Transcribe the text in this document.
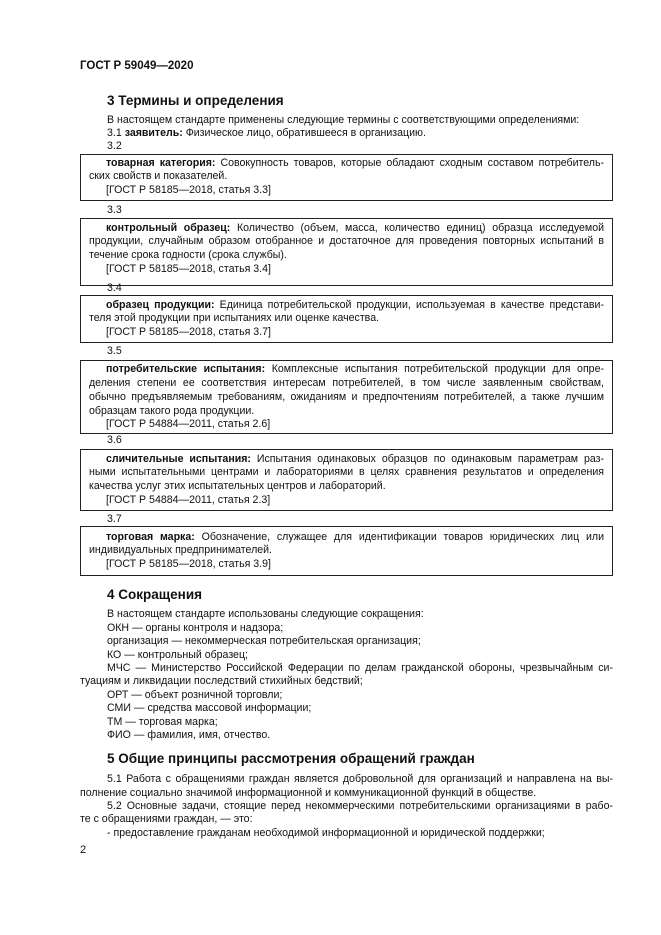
ГОСТ Р 59049—2020
3 Термины и определения
В настоящем стандарте применены следующие термины с соответствующими определениями:
3.1 заявитель: Физическое лицо, обратившееся в организацию.
3.2
товарная категория: Совокупность товаров, которые обладают сходным составом потребитель-
ских свойств и показателей.
[ГОСТ Р 58185—2018, статья 3.3]
3.3
контрольный образец: Количество (объем, масса, количество единиц) образца исследуемой
продукции, случайным образом отобранное и достаточное для проведения повторных испытаний в
течение срока годности (срока службы).
[ГОСТ Р 58185—2018, статья 3.4]
3.4
образец продукции: Единица потребительской продукции, используемая в качестве представи-
теля этой продукции при испытаниях или оценке качества.
[ГОСТ Р 58185—2018, статья 3.7]
3.5
потребительские испытания: Комплексные испытания потребительской продукции для опре-
деления степени ее соответствия интересам потребителей, в том числе заявленным свойствам,
обычно предъявляемым требованиям, ожиданиям и предпочтениям потребителей, а также лучшим
образцам такого рода продукции.
[ГОСТ Р 54884—2011, статья 2.6]
3.6
сличительные испытания: Испытания одинаковых образцов по одинаковым параметрам раз-
ными испытательными центрами и лабораториями в целях сравнения результатов и определения
качества услуг этих испытательных центров и лабораторий.
[ГОСТ Р 54884—2011, статья 2.3]
3.7
торговая марка: Обозначение, служащее для идентификации товаров юридических лиц или
индивидуальных предпринимателей.
[ГОСТ Р 58185—2018, статья 3.9]
4 Сокращения
В настоящем стандарте использованы следующие сокращения:
ОКН — органы контроля и надзора;
организация — некоммерческая потребительская организация;
КО — контрольный образец;
МЧС — Министерство Российской Федерации по делам гражданской обороны, чрезвычайным си-
туациям и ликвидации последствий стихийных бедствий;
ОРТ — объект розничной торговли;
СМИ — средства массовой информации;
ТМ — торговая марка;
ФИО — фамилия, имя, отчество.
5 Общие принципы рассмотрения обращений граждан
5.1 Работа с обращениями граждан является добровольной для организаций и направлена на вы-
полнение социально значимой информационной и коммуникационной функций в обществе.
5.2 Основные задачи, стоящие перед некоммерческими потребительскими организациями в рабо-
те с обращениями граждан, — это:
- предоставление гражданам необходимой информационной и юридической поддержки;
2
